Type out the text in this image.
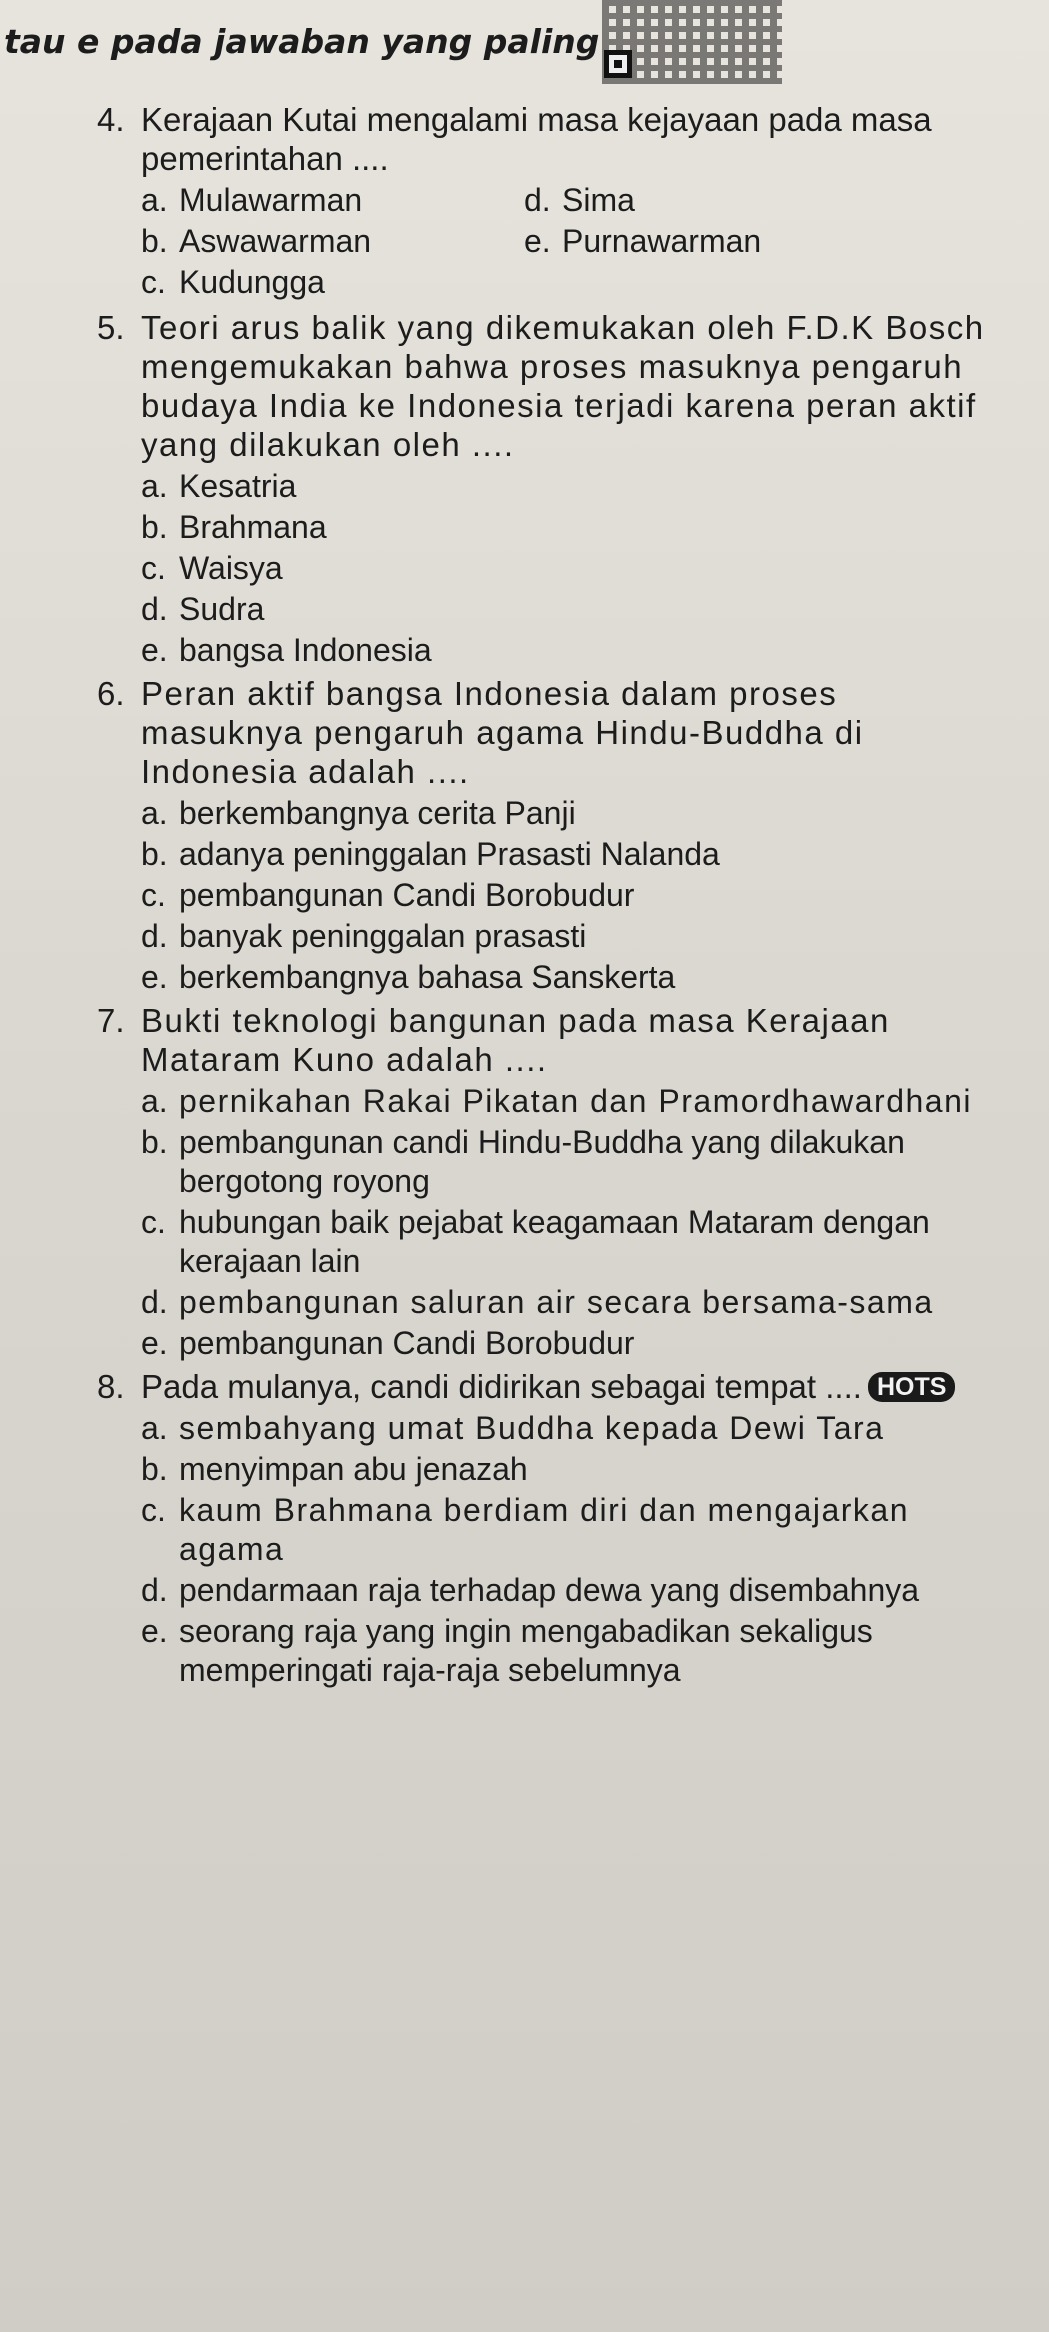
tau e pada jawaban yang paling
4. Kerajaan Kutai mengalami masa kejayaan pada masa pemerintahan ....
a. Mulawarman	d. Sima
b. Aswawarman	e. Purnawarman
c. Kudungga
5. Teori arus balik yang dikemukakan oleh F.D.K Bosch mengemukakan bahwa proses masuknya pengaruh budaya India ke Indonesia terjadi karena peran aktif yang dilakukan oleh ....
a. Kesatria
b. Brahmana
c. Waisya
d. Sudra
e. bangsa Indonesia
6. Peran aktif bangsa Indonesia dalam proses masuknya pengaruh agama Hindu-Buddha di Indonesia adalah ....
a. berkembangnya cerita Panji
b. adanya peninggalan Prasasti Nalanda
c. pembangunan Candi Borobudur
d. banyak peninggalan prasasti
e. berkembangnya bahasa Sanskerta
7. Bukti teknologi bangunan pada masa Kerajaan Mataram Kuno adalah ....
a. pernikahan Rakai Pikatan dan Pramordhawardhani
b. pembangunan candi Hindu-Buddha yang dilakukan bergotong royong
c. hubungan baik pejabat keagamaan Mataram dengan kerajaan lain
d. pembangunan saluran air secara bersama-sama
e. pembangunan Candi Borobudur
8. Pada mulanya, candi didirikan sebagai tempat .... HOTS
a. sembahyang umat Buddha kepada Dewi Tara
b. menyimpan abu jenazah
c. kaum Brahmana berdiam diri dan mengajarkan agama
d. pendarmaan raja terhadap dewa yang disembahnya
e. seorang raja yang ingin mengabadikan sekaligus memperingati raja-raja sebelumnya
